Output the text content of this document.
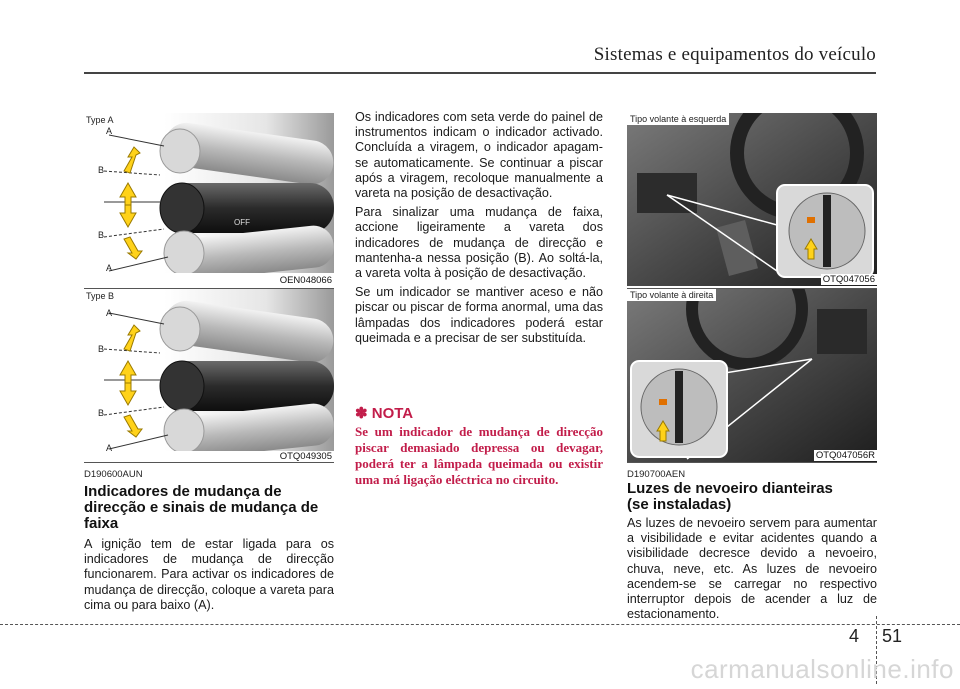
Sistemas e equipamentos do veículo
Type A
OFF
A
B
B
A
OEN048066
Type B
A
B
B
A
OTQ049305
D190600AUN
Indicadores de mudança de direcção e sinais de mudança de faixa

A ignição tem de estar ligada para os indicadores de mudança de direcção funcionarem. Para activar os indicadores de mudança de direcção, coloque a vareta para cima ou para baixo (A).

Os indicadores com seta verde do painel de instrumentos indicam o indicador activado. Concluída a viragem, o indicador apagam-se automaticamente. Se continuar a piscar após a viragem, recoloque manualmente a vareta na posição de desactivação.

Para sinalizar uma mudança de faixa, accione ligeiramente a vareta dos indicadores de mudança de direcção e mantenha-a nessa posição (B). Ao soltá-la, a vareta volta à posição de desactivação.

Se um indicador se mantiver aceso e não piscar ou piscar de forma anormal, uma das lâmpadas dos indicadores poderá estar queimada e a precisar de ser substituída.

✽ NOTA
Se um indicador de mudança de direcção piscar demasiado depressa ou devagar, poderá ter a lâmpada queimada ou existir uma má ligação eléctrica no circuito.
Tipo volante à esquerda
OTQ047056
Tipo volante à direita
OTQ047056R
D190700AEN
Luzes de nevoeiro dianteiras (se instaladas)

As luzes de nevoeiro servem para aumentar a visibilidade e evitar acidentes quando a visibilidade decresce devido a nevoeiro, chuva, neve, etc. As luzes de nevoeiro acendem-se se carregar no respectivo interruptor depois de acender a luz de estacionamento.

4 51
carmanualsonline.info
